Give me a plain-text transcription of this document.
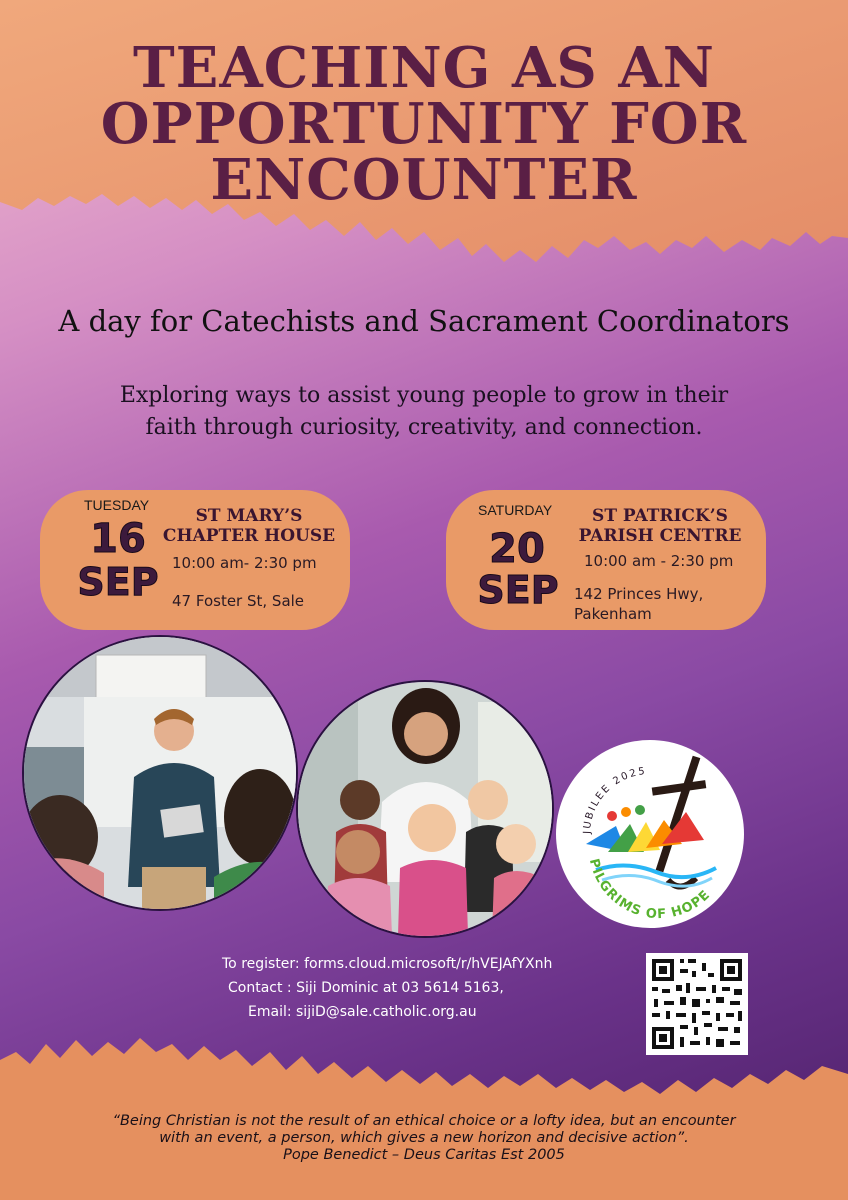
TEACHING AS AN
OPPORTUNITY FOR
ENCOUNTER

A day for Catechists and Sacrament Coordinators

Exploring ways to assist young people to grow in their
faith through curiosity, creativity, and connection.

TUESDAY
16
SEP
ST MARY’S
CHAPTER HOUSE
10:00 am- 2:30 pm
47 Foster St, Sale
SATURDAY
20
SEP
ST PATRICK’S
PARISH CENTRE
10:00 am - 2:30 pm
142 Princes Hwy,
Pakenham
JUBILEE 2025
PILGRIMS OF HOPE
To register: forms.cloud.microsoft/r/hVEJAfYXnh
Contact : Siji Dominic at 03 5614 5163,
Email: sijiD@sale.catholic.org.au
“Being Christian is not the result of an ethical choice or a lofty idea, but an encounter
with an event, a person, which gives a new horizon and decisive action”.
Pope Benedict – Deus Caritas Est 2005
